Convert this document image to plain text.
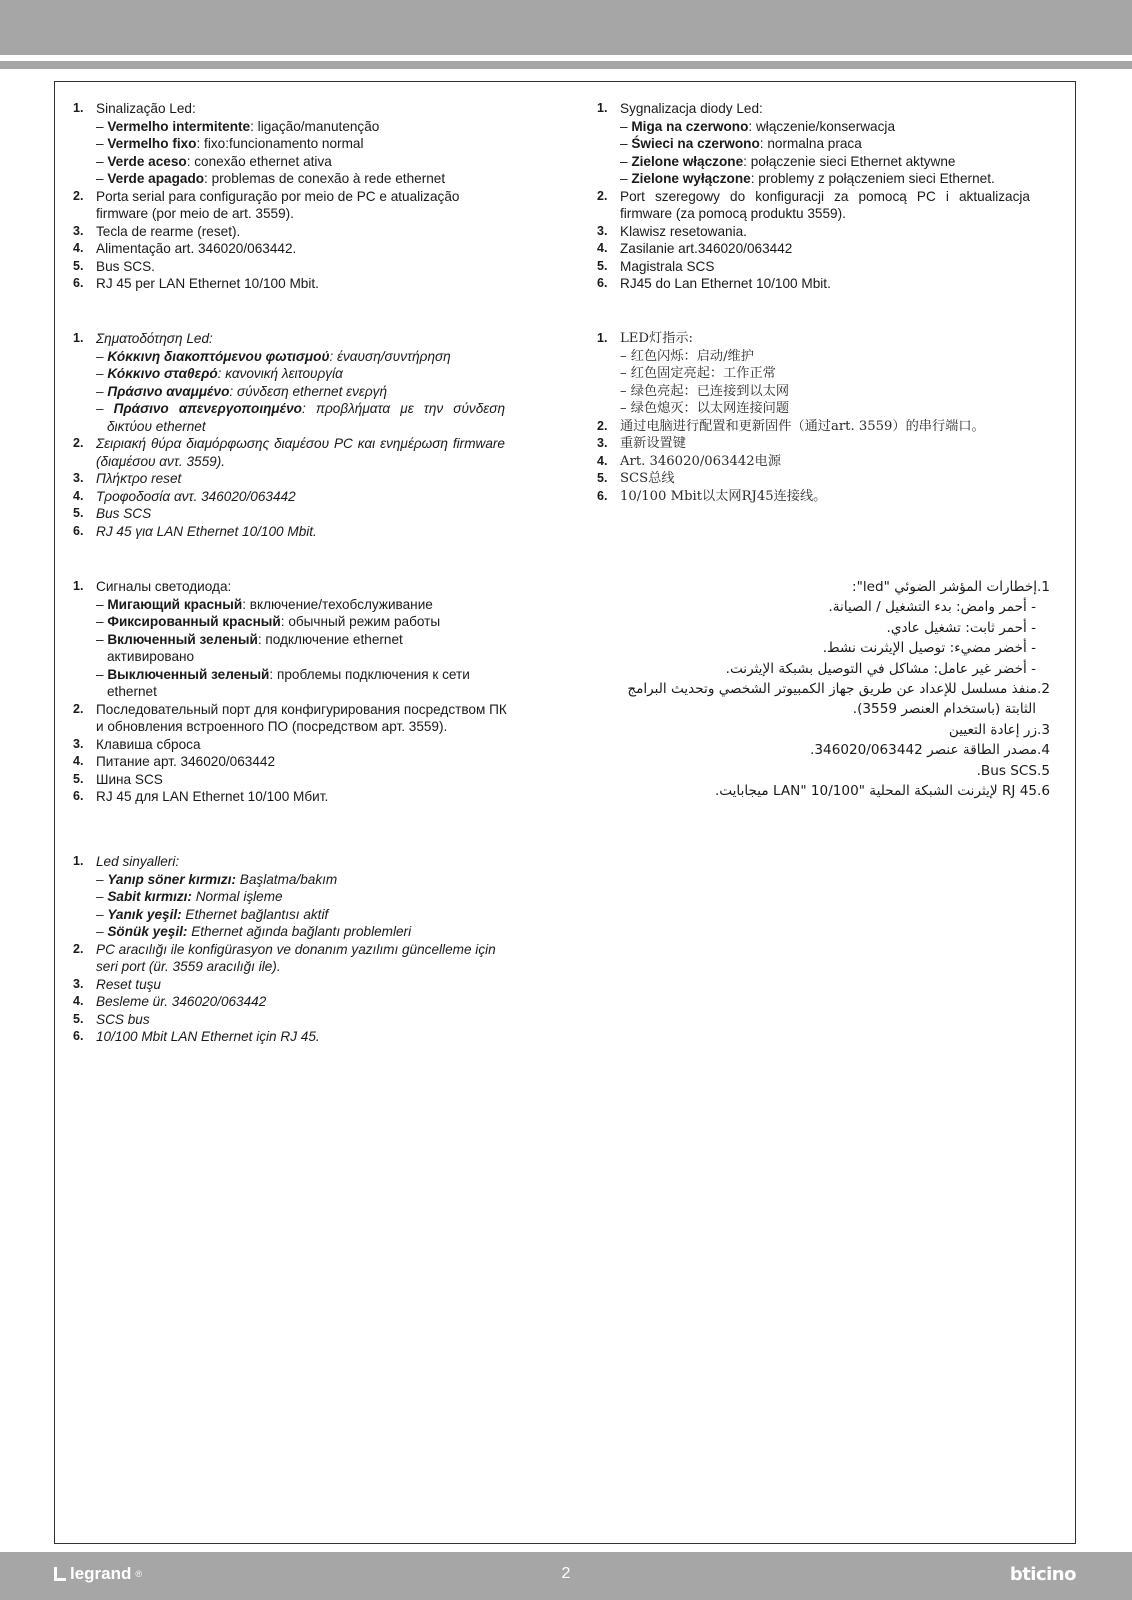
1. Sinalização Led:
– Vermelho intermitente: ligação/manutenção
– Vermelho fixo: fixo:funcionamento normal
– Verde aceso: conexão ethernet ativa
– Verde apagado: problemas de conexão à rede ethernet
2. Porta serial para configuração por meio de PC e atualização firmware (por meio de art. 3559).
3. Tecla de rearme (reset).
4. Alimentação art. 346020/063442.
5. Bus SCS.
6. RJ 45 per LAN Ethernet 10/100 Mbit.
1. Sygnalizacja diody Led:
– Miga na czerwono: włączenie/konserwacja
– Świeci na czerwono: normalna praca
– Zielone włączone: połączenie sieci Ethernet aktywne
– Zielone wyłączone: problemy z połączeniem sieci Ethernet.
2. Port szeregowy do konfiguracji za pomocą PC i aktualizacja firmware (za pomocą produktu 3559).
3. Klawisz resetowania.
4. Zasilanie art.346020/063442
5. Magistrala SCS
6. RJ45 do Lan Ethernet 10/100 Mbit.
1. Σηματοδότηση Led:
– Κόκκινη διακοπτόμενου φωτισμού: έναυση/συντήρηση
– Κόκκινο σταθερό: κανονική λειτουργία
– Πράσινο αναμμένο: σύνδεση ethernet ενεργή
– Πράσινο απενεργοποιημένο: προβλήματα με την σύνδεση δικτύου ethernet
2. Σειριακή θύρα διαμόρφωσης διαμέσου PC και ενημέρωση firmware (διαμέσου αντ. 3559).
3. Πλήκτρο reset
4. Τροφοδοσία αντ. 346020/063442
5. Bus SCS
6. RJ 45 για LAN Ethernet 10/100 Mbit.
1. LED灯指示:
– 红色闪烁：启动/维护
– 红色固定亮起：工作正常
– 绿色亮起：已连接到以太网
– 绿色熄灭：以太网连接问题
2. 通过电脑进行配置和更新固件（通过art. 3559）的串行端口。
3. 重新设置键
4. Art. 346020/063442电源
5. SCS总线
6. 10/100 Mbit以太网RJ45连接线。
1. Сигналы светодиода:
– Мигающий красный: включение/техобслуживание
– Фиксированный красный: обычный режим работы
– Включенный зеленый: подключение ethernet активировано
– Выключенный зеленый: проблемы подключения к сети ethernet
2. Последовательный порт для конфигурирования посредством ПК и обновления встроенного ПО (посредством арт. 3559).
3. Клавиша сброса
4. Питание арт. 346020/063442
5. Шина SCS
6. RJ 45 для LAN Ethernet 10/100 Мбит.
1.إخطارات المؤشر الضوئي "led":
- أحمر وامض: بدء التشغيل / الصيانة.
- أحمر ثابت: تشغيل عادي.
- أخضر مضيء: توصيل الإيثرنت نشط.
- أخضر غير عامل: مشاكل في التوصيل بشبكة الإيثرنت.
2.منفذ مسلسل للإعداد عن طريق جهاز الكمبيوتر الشخصي وتحديث البرامج
الثابتة (باستخدام العنصر 3559).
3.زر إعادة التعيين
4.مصدر الطاقة عنصر 346020/063442.
5.Bus SCS.
6.RJ 45 لإيثرنت الشبكة المحلية "LAN" 10/100 ميجابايت.
1. Led sinyalleri:
– Yanıp söner kırmızı: Başlatma/bakım
– Sabit kırmızı: Normal işleme
– Yanık yeşil: Ethernet bağlantısı aktif
– Sönük yeşil: Ethernet ağında bağlantı problemleri
2. PC aracılığı ile konfigürasyon ve donanım yazılımı güncelleme için seri port (ür. 3559 aracılığı ile).
3. Reset tuşu
4. Besleme ür. 346020/063442
5. SCS bus
6. 10/100 Mbit LAN Ethernet için RJ 45.
legrand ®	2	bticino
